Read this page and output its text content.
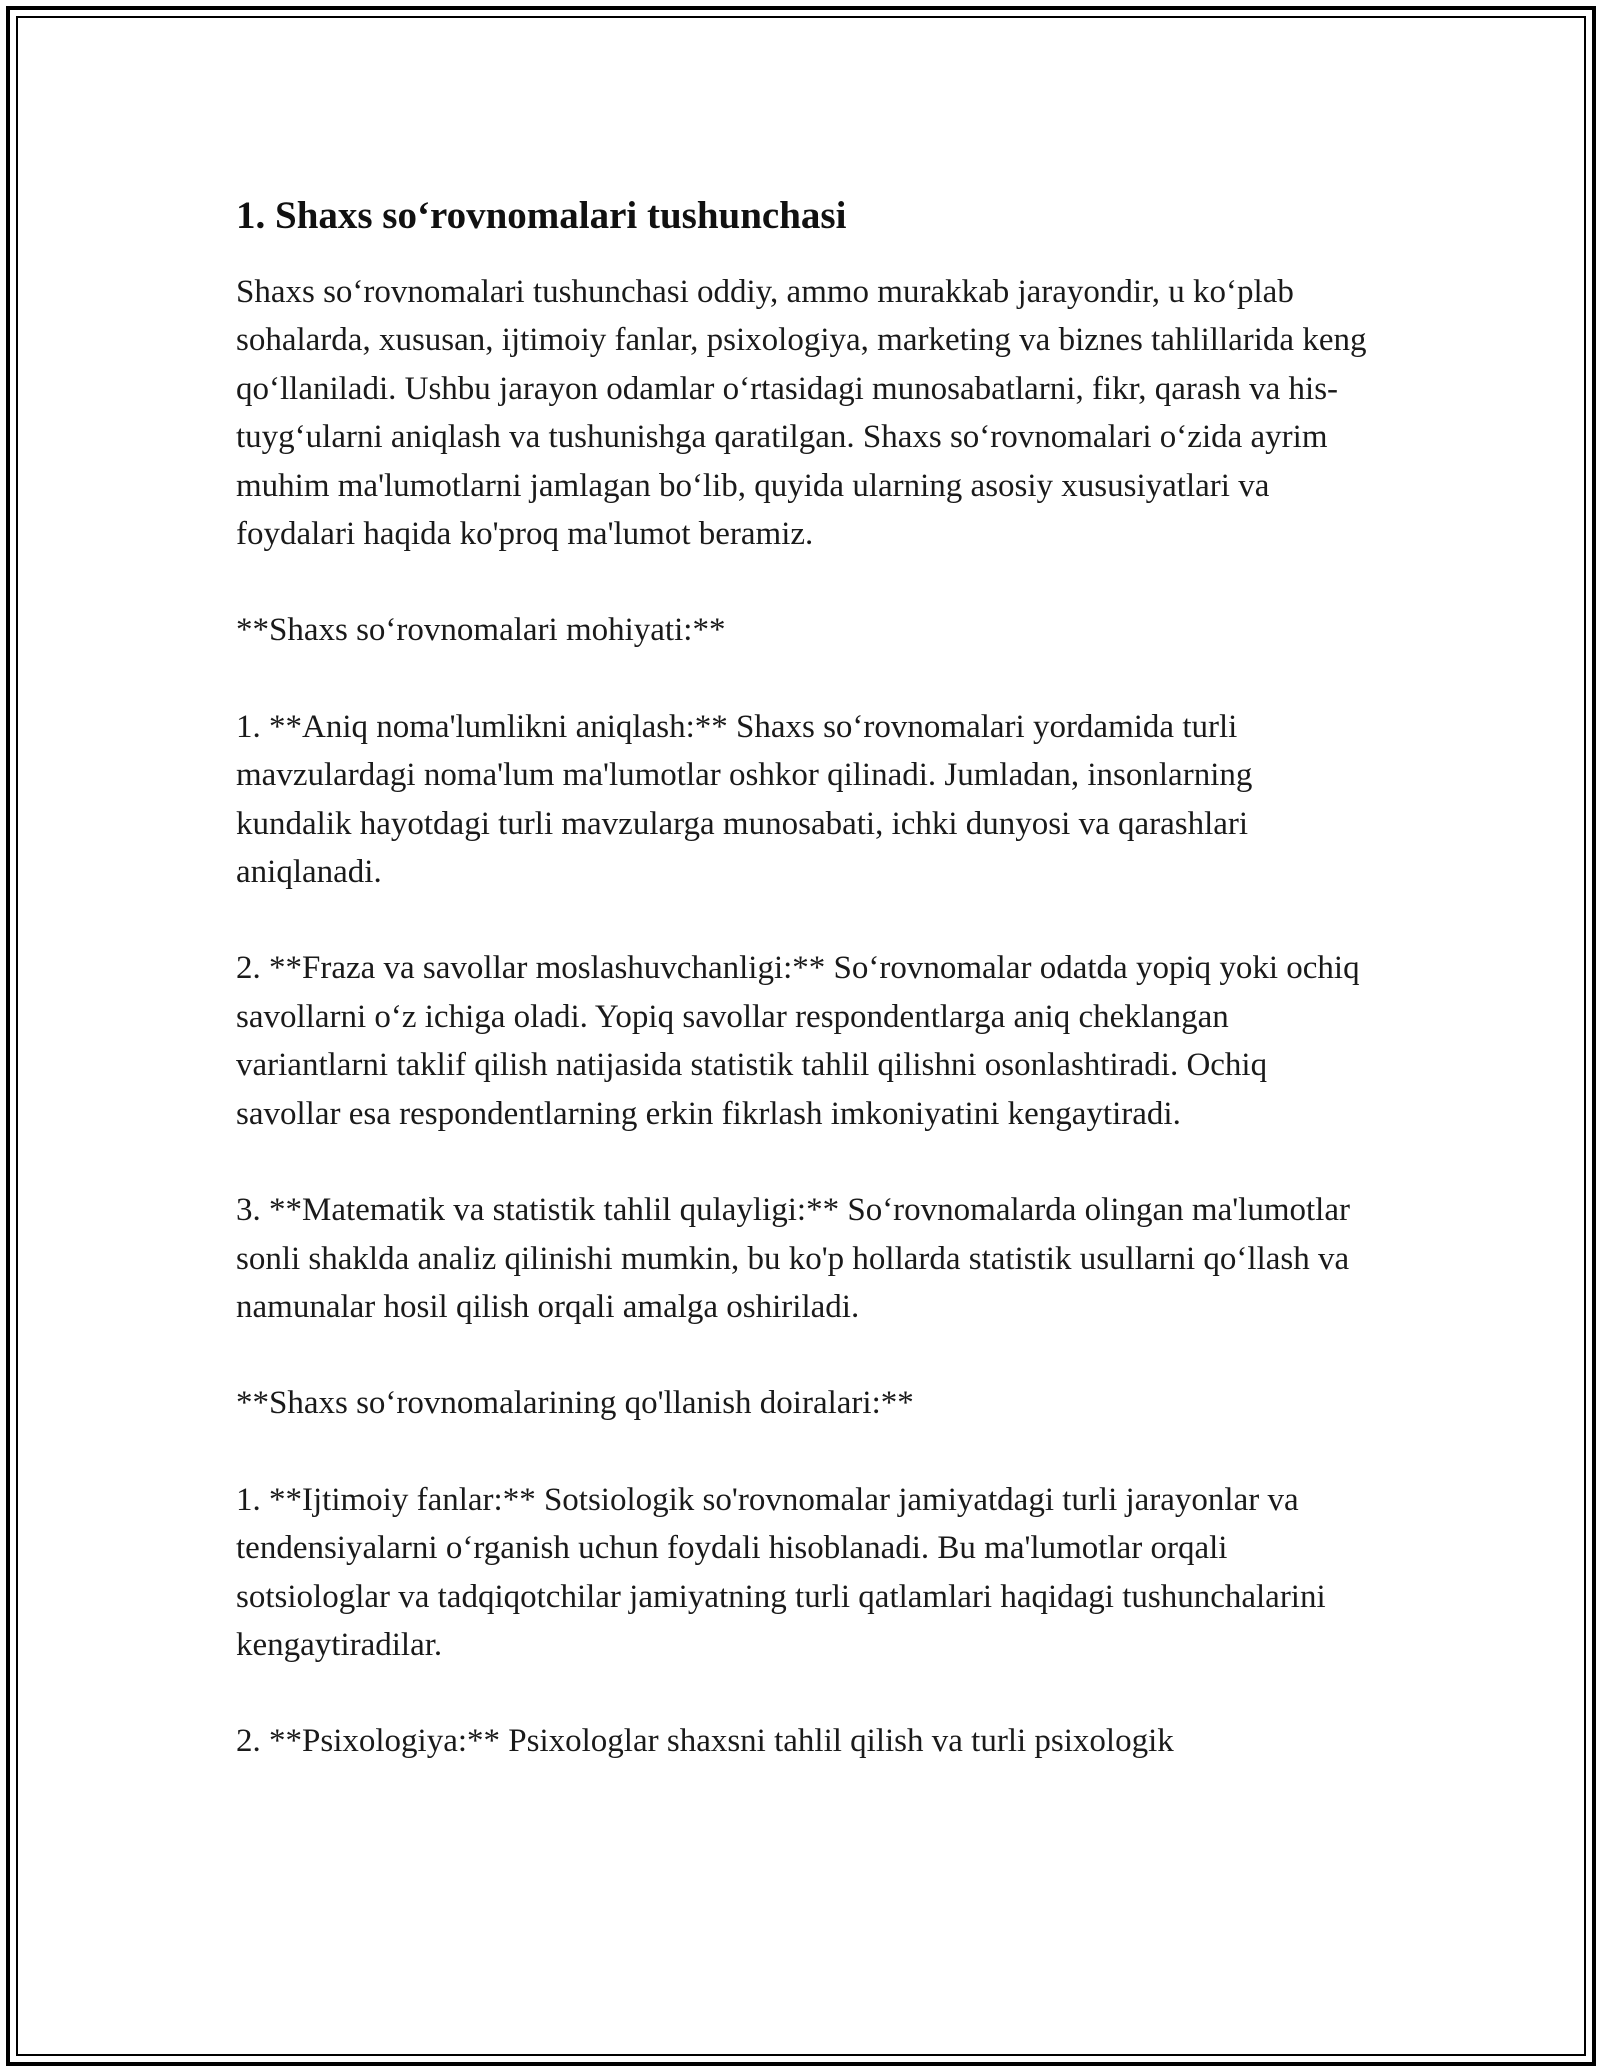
1. Shaxs so‘rovnomalari tushunchasi

Shaxs so‘rovnomalari tushunchasi oddiy, ammo murakkab jarayondir, u ko‘plab sohalarda, xususan, ijtimoiy fanlar, psixologiya, marketing va biznes tahlillarida keng qo‘llaniladi. Ushbu jarayon odamlar o‘rtasidagi munosabatlarni, fikr, qarash va his-tuyg‘ularni aniqlash va tushunishga qaratilgan. Shaxs so‘rovnomalari o‘zida ayrim muhim ma'lumotlarni jamlagan bo‘lib, quyida ularning asosiy xususiyatlari va foydalari haqida ko'proq ma'lumot beramiz.

**Shaxs so‘rovnomalari mohiyati:**

1. **Aniq noma'lumlikni aniqlash:** Shaxs so‘rovnomalari yordamida turli mavzulardagi noma'lum ma'lumotlar oshkor qilinadi. Jumladan, insonlarning kundalik hayotdagi turli mavzularga munosabati, ichki dunyosi va qarashlari aniqlanadi.

2. **Fraza va savollar moslashuvchanligi:** So‘rovnomalar odatda yopiq yoki ochiq savollarni o‘z ichiga oladi. Yopiq savollar respondentlarga aniq cheklangan variantlarni taklif qilish natijasida statistik tahlil qilishni osonlashtiradi. Ochiq savollar esa respondentlarning erkin fikrlash imkoniyatini kengaytiradi.

3. **Matematik va statistik tahlil qulayligi:** So‘rovnomalarda olingan ma'lumotlar sonli shaklda analiz qilinishi mumkin, bu ko'p hollarda statistik usullarni qo‘llash va namunalar hosil qilish orqali amalga oshiriladi.

**Shaxs so‘rovnomalarining qo'llanish doiralari:**

1. **Ijtimoiy fanlar:** Sotsiologik so'rovnomalar jamiyatdagi turli jarayonlar va tendensiyalarni o‘rganish uchun foydali hisoblanadi. Bu ma'lumotlar orqali sotsiologlar va tadqiqotchilar jamiyatning turli qatlamlari haqidagi tushunchalarini kengaytiradilar.

2. **Psixologiya:** Psixologlar shaxsni tahlil qilish va turli psixologik
